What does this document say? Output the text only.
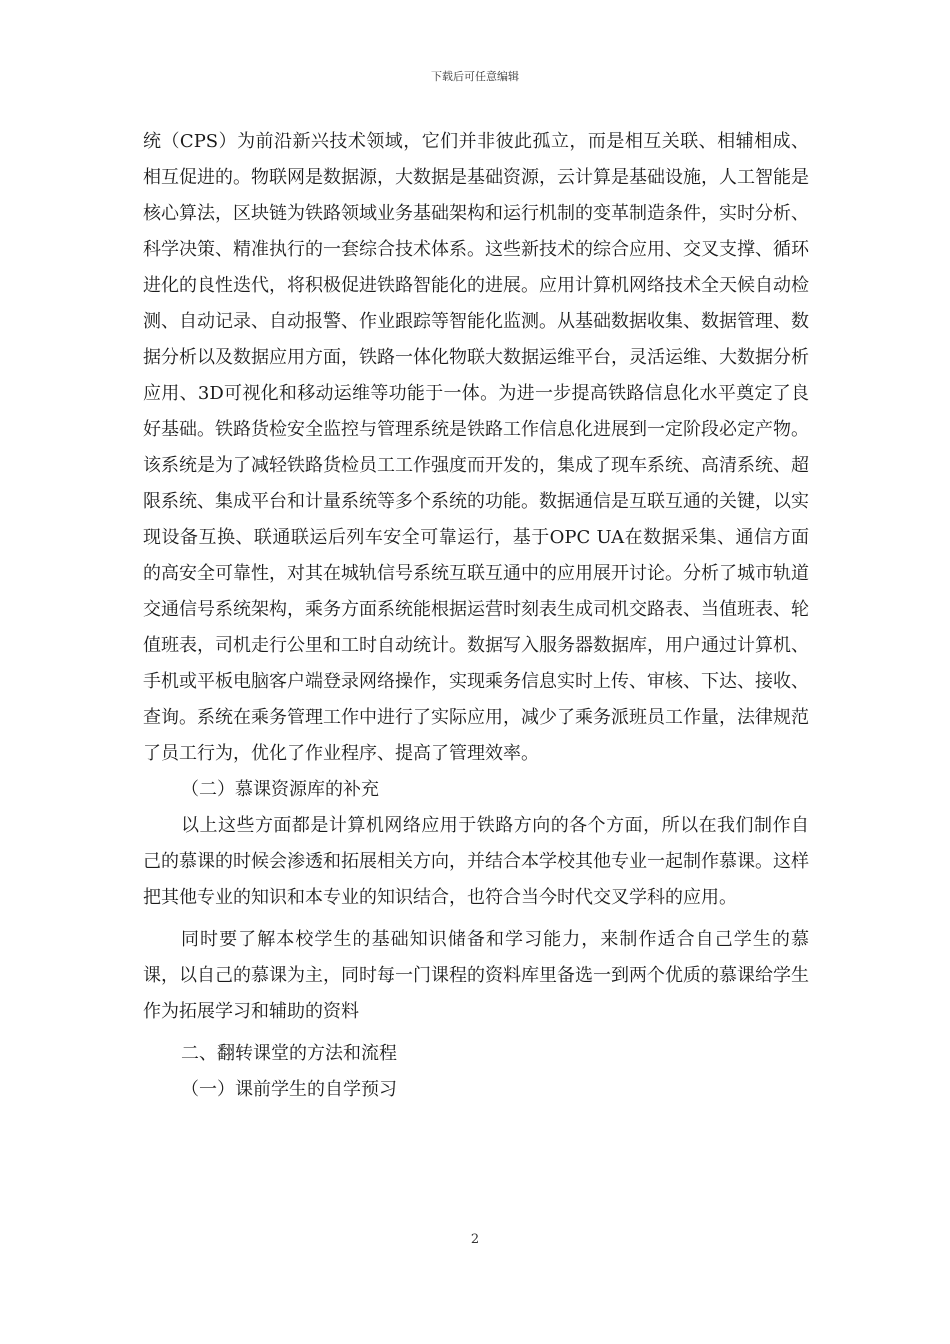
下载后可任意编辑

统（CPS）为前沿新兴技术领域，它们并非彼此孤立，而是相互关联、相辅相成、相互促进的。物联网是数据源，大数据是基础资源，云计算是基础设施，人工智能是核心算法，区块链为铁路领域业务基础架构和运行机制的变革制造条件，实时分析、科学决策、精准执行的一套综合技术体系。这些新技术的综合应用、交叉支撑、循环进化的良性迭代，将积极促进铁路智能化的进展。应用计算机网络技术全天候自动检测、自动记录、自动报警、作业跟踪等智能化监测。从基础数据收集、数据管理、数据分析以及数据应用方面，铁路一体化物联大数据运维平台，灵活运维、大数据分析应用、3D可视化和移动运维等功能于一体。为进一步提高铁路信息化水平奠定了良好基础。铁路货检安全监控与管理系统是铁路工作信息化进展到一定阶段必定产物。该系统是为了减轻铁路货检员工工作强度而开发的，集成了现车系统、高清系统、超限系统、集成平台和计量系统等多个系统的功能。数据通信是互联互通的关键，以实现设备互换、联通联运后列车安全可靠运行，基于OPC UA在数据采集、通信方面的高安全可靠性，对其在城轨信号系统互联互通中的应用展开讨论。分析了城市轨道交通信号系统架构，乘务方面系统能根据运营时刻表生成司机交路表、当值班表、轮值班表，司机走行公里和工时自动统计。数据写入服务器数据库，用户通过计算机、手机或平板电脑客户端登录网络操作，实现乘务信息实时上传、审核、下达、接收、查询。系统在乘务管理工作中进行了实际应用，减少了乘务派班员工作量，法律规范了员工行为，优化了作业程序、提高了管理效率。

（二）慕课资源库的补充

以上这些方面都是计算机网络应用于铁路方向的各个方面，所以在我们制作自己的慕课的时候会渗透和拓展相关方向，并结合本学校其他专业一起制作慕课。这样把其他专业的知识和本专业的知识结合，也符合当今时代交叉学科的应用。

同时要了解本校学生的基础知识储备和学习能力，来制作适合自己学生的慕课，以自己的慕课为主，同时每一门课程的资料库里备选一到两个优质的慕课给学生作为拓展学习和辅助的资料

二、翻转课堂的方法和流程

（一）课前学生的自学预习

2
